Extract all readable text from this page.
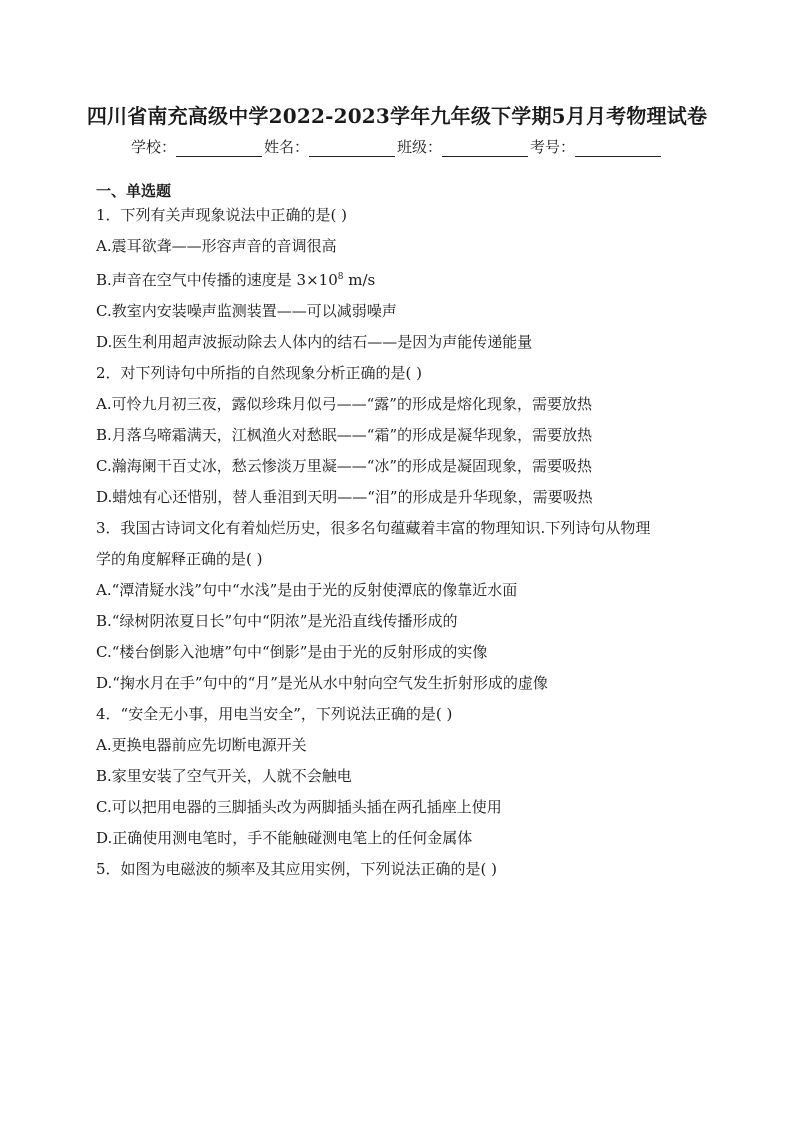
四川省南充高级中学2022-2023学年九年级下学期5月月考物理试卷
学校：	姓名：	班级：	考号：
一、单选题
1．下列有关声现象说法中正确的是( )
A.震耳欲聋——形容声音的音调很高
B.声音在空气中传播的速度是 $3\times 10^8$ m/s
C.教室内安装噪声监测装置——可以减弱噪声
D.医生利用超声波振动除去人体内的结石——是因为声能传递能量
2．对下列诗句中所指的自然现象分析正确的是( )
A.可怜九月初三夜，露似珍珠月似弓——“露”的形成是熔化现象，需要放热
B.月落乌啼霜满天，江枫渔火对愁眠——“霜”的形成是凝华现象，需要放热
C.瀚海阑干百丈冰，愁云惨淡万里凝——“冰”的形成是凝固现象，需要吸热
D.蜡烛有心还惜别，替人垂泪到天明——“泪”的形成是升华现象，需要吸热
3．我国古诗词文化有着灿烂历史，很多名句蕴藏着丰富的物理知识.下列诗句从物理
学的角度解释正确的是( )
A.“潭清疑水浅”句中“水浅”是由于光的反射使潭底的像靠近水面
B.“绿树阴浓夏日长”句中“阴浓”是光沿直线传播形成的
C.“楼台倒影入池塘”句中“倒影”是由于光的反射形成的实像
D.“掬水月在手”句中的“月”是光从水中射向空气发生折射形成的虚像
4．“安全无小事，用电当安全”，下列说法正确的是( )
A.更换电器前应先切断电源开关
B.家里安装了空气开关，人就不会触电
C.可以把用电器的三脚插头改为两脚插头插在两孔插座上使用
D.正确使用测电笔时，手不能触碰测电笔上的任何金属体
5．如图为电磁波的频率及其应用实例，下列说法正确的是( )
